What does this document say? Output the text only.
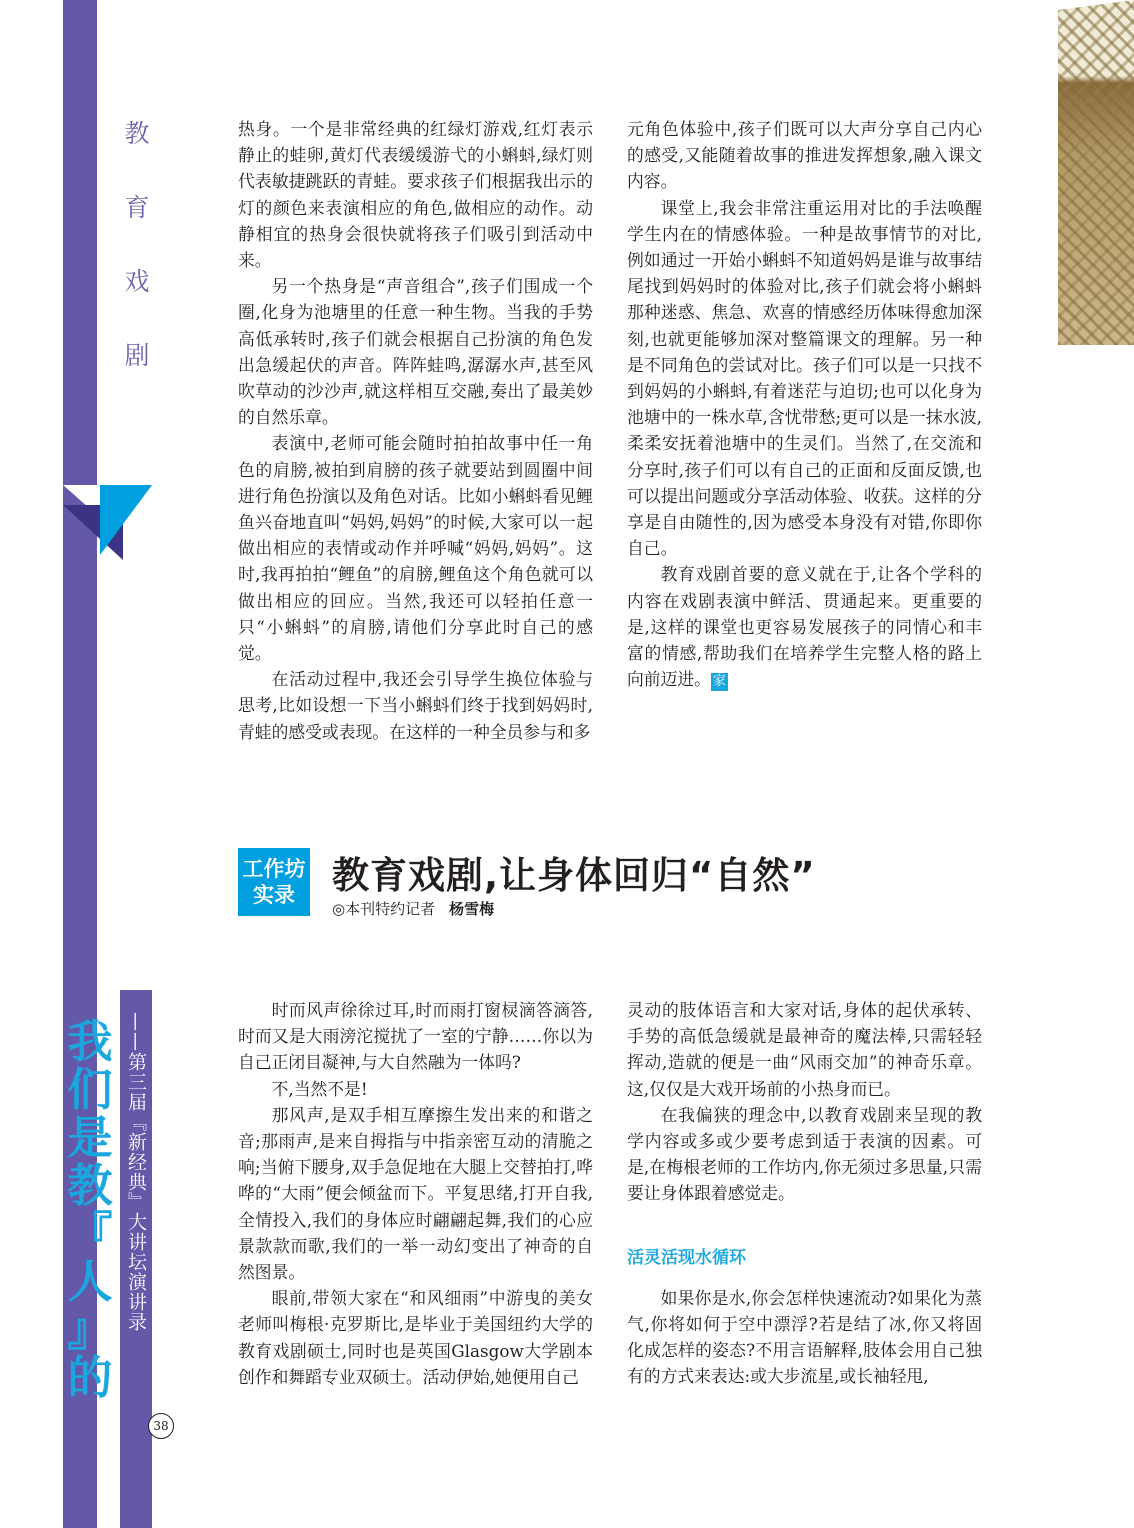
教
育
戏
剧
我
们
是
教
『
人
』
的
——第三届『新经典』大讲坛演讲录

热身。一个是非常经典的红绿灯游戏,红灯表示静止的蛙卵,黄灯代表缓缓游弋的小蝌蚪,绿灯则代表敏捷跳跃的青蛙。要求孩子们根据我出示的灯的颜色来表演相应的角色,做相应的动作。动静相宜的热身会很快就将孩子们吸引到活动中来。

另一个热身是“声音组合”,孩子们围成一个圈,化身为池塘里的任意一种生物。当我的手势高低承转时,孩子们就会根据自己扮演的角色发出急缓起伏的声音。阵阵蛙鸣,潺潺水声,甚至风吹草动的沙沙声,就这样相互交融,奏出了最美妙的自然乐章。

表演中,老师可能会随时拍拍故事中任一角色的肩膀,被拍到肩膀的孩子就要站到圆圈中间进行角色扮演以及角色对话。比如小蝌蚪看见鲤鱼兴奋地直叫“妈妈,妈妈”的时候,大家可以一起做出相应的表情或动作并呼喊“妈妈,妈妈”。这时,我再拍拍“鲤鱼”的肩膀,鲤鱼这个角色就可以做出相应的回应。当然,我还可以轻拍任意一只“小蝌蚪”的肩膀,请他们分享此时自己的感觉。

在活动过程中,我还会引导学生换位体验与思考,比如设想一下当小蝌蚪们终于找到妈妈时,青蛙的感受或表现。在这样的一种全员参与和多

元角色体验中,孩子们既可以大声分享自己内心的感受,又能随着故事的推进发挥想象,融入课文内容。

课堂上,我会非常注重运用对比的手法唤醒学生内在的情感体验。一种是故事情节的对比,例如通过一开始小蝌蚪不知道妈妈是谁与故事结尾找到妈妈时的体验对比,孩子们就会将小蝌蚪那种迷惑、焦急、欢喜的情感经历体味得愈加深刻,也就更能够加深对整篇课文的理解。另一种是不同角色的尝试对比。孩子们可以是一只找不到妈妈的小蝌蚪,有着迷茫与迫切;也可以化身为池塘中的一株水草,含忧带愁;更可以是一抹水波,柔柔安抚着池塘中的生灵们。当然了,在交流和分享时,孩子们可以有自己的正面和反面反馈,也可以提出问题或分享活动体验、收获。这样的分享是自由随性的,因为感受本身没有对错,你即你自己。

教育戏剧首要的意义就在于,让各个学科的内容在戏剧表演中鲜活、贯通起来。更重要的是,这样的课堂也更容易发展孩子的同情心和丰富的情感,帮助我们在培养学生完整人格的路上向前迈进。 家

工作坊
实录	教育戏剧,让身体回归“自然”
◎本刊特约记者 杨雪梅

时而风声徐徐过耳,时而雨打窗棂滴答滴答,时而又是大雨滂沱搅扰了一室的宁静……你以为自己正闭目凝神,与大自然融为一体吗?

不,当然不是!

那风声,是双手相互摩擦生发出来的和谐之音;那雨声,是来自拇指与中指亲密互动的清脆之响;当俯下腰身,双手急促地在大腿上交替拍打,哗哗的“大雨”便会倾盆而下。平复思绪,打开自我,全情投入,我们的身体应时翩翩起舞,我们的心应景款款而歌,我们的一举一动幻变出了神奇的自然图景。

眼前,带领大家在“和风细雨”中游曳的美女老师叫梅根·克罗斯比,是毕业于美国纽约大学的教育戏剧硕士,同时也是英国Glasgow大学剧本创作和舞蹈专业双硕士。活动伊始,她便用自己

灵动的肢体语言和大家对话,身体的起伏承转、手势的高低急缓就是最神奇的魔法棒,只需轻轻挥动,造就的便是一曲“风雨交加”的神奇乐章。这,仅仅是大戏开场前的小热身而已。

在我偏狭的理念中,以教育戏剧来呈现的教学内容或多或少要考虑到适于表演的因素。可是,在梅根老师的工作坊内,你无须过多思量,只需要让身体跟着感觉走。

活灵活现水循环

如果你是水,你会怎样快速流动?如果化为蒸气,你将如何于空中漂浮?若是结了冰,你又将固化成怎样的姿态?不用言语解释,肢体会用自己独有的方式来表达:或大步流星,或长袖轻甩,

38
